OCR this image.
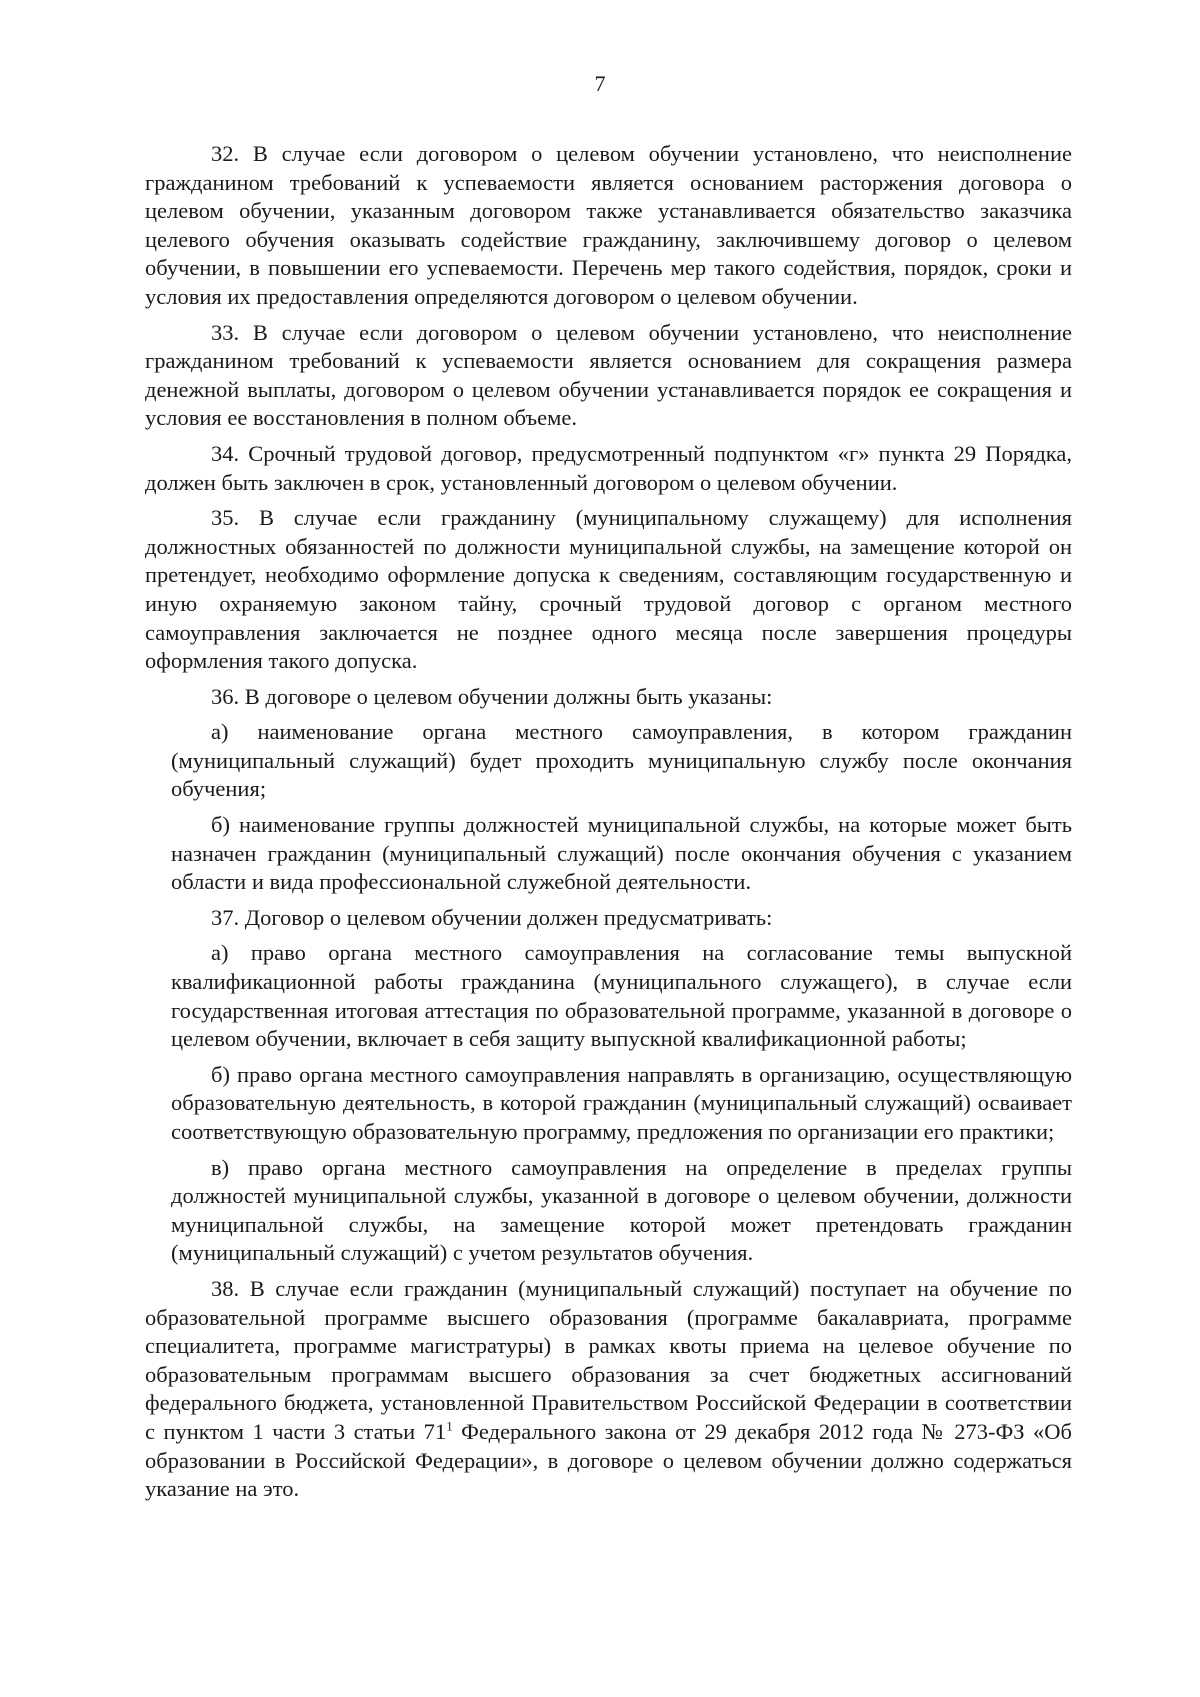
7

32. В случае если договором о целевом обучении установлено, что неисполнение гражданином требований к успеваемости является основанием расторжения договора о целевом обучении, указанным договором также устанавливается обязательство заказчика целевого обучения оказывать содействие гражданину, заключившему договор о целевом обучении, в повышении его успеваемости. Перечень мер такого содействия, порядок, сроки и условия их предоставления определяются договором о целевом обучении.

33. В случае если договором о целевом обучении установлено, что неисполнение гражданином требований к успеваемости является основанием для сокращения размера денежной выплаты, договором о целевом обучении устанавливается порядок ее сокращения и условия ее восстановления в полном объеме.

34. Срочный трудовой договор, предусмотренный подпунктом «г» пункта 29 Порядка, должен быть заключен в срок, установленный договором о целевом обучении.

35. В случае если гражданину (муниципальному служащему) для исполнения должностных обязанностей по должности муниципальной службы, на замещение которой он претендует, необходимо оформление допуска к сведениям, составляющим государственную и иную охраняемую законом тайну, срочный трудовой договор с органом местного самоуправления заключается не позднее одного месяца после завершения процедуры оформления такого допуска.

36. В договоре о целевом обучении должны быть указаны:

а) наименование органа местного самоуправления, в котором гражданин (муниципальный служащий) будет проходить муниципальную службу после окончания обучения;

б) наименование группы должностей муниципальной службы, на которые может быть назначен гражданин (муниципальный служащий) после окончания обучения с указанием области и вида профессиональной служебной деятельности.

37. Договор о целевом обучении должен предусматривать:

а) право органа местного самоуправления на согласование темы выпускной квалификационной работы гражданина (муниципального служащего), в случае если государственная итоговая аттестация по образовательной программе, указанной в договоре о целевом обучении, включает в себя защиту выпускной квалификационной работы;

б) право органа местного самоуправления направлять в организацию, осуществляющую образовательную деятельность, в которой гражданин (муниципальный служащий) осваивает соответствующую образовательную программу, предложения по организации его практики;

в) право органа местного самоуправления на определение в пределах группы должностей муниципальной службы, указанной в договоре о целевом обучении, должности муниципальной службы, на замещение которой может претендовать гражданин (муниципальный служащий) с учетом результатов обучения.

38. В случае если гражданин (муниципальный служащий) поступает на обучение по образовательной программе высшего образования (программе бакалавриата, программе специалитета, программе магистратуры) в рамках квоты приема на целевое обучение по образовательным программам высшего образования за счет бюджетных ассигнований федерального бюджета, установленной Правительством Российской Федерации в соответствии с пунктом 1 части 3 статьи $71^1$ Федерального закона от 29 декабря 2012 года № 273-ФЗ «Об образовании в Российской Федерации», в договоре о целевом обучении должно содержаться указание на это.
